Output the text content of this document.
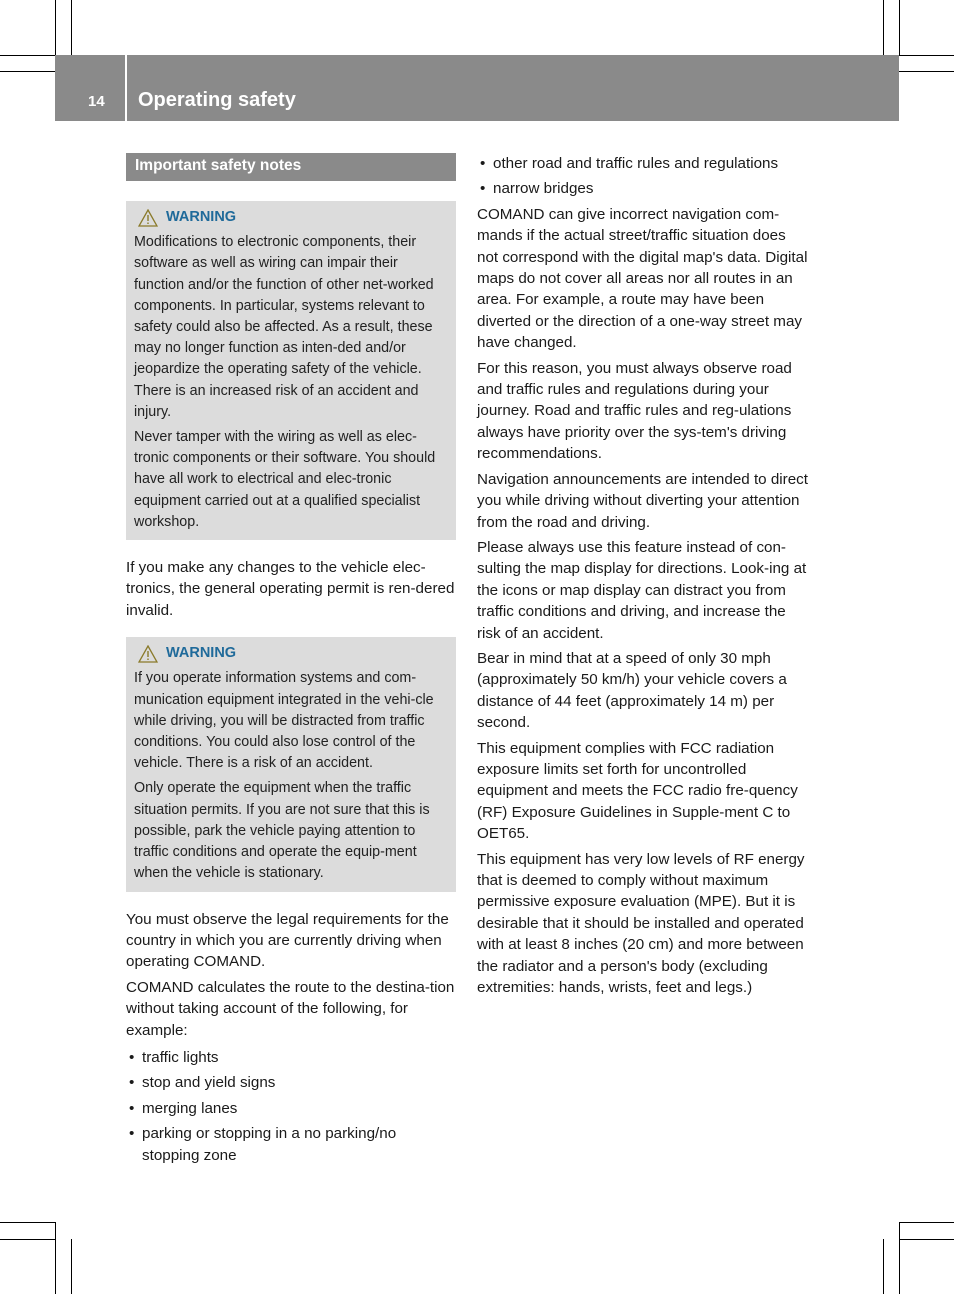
14 Operating safety
Important safety notes
WARNING

Modifications to electronic components, their software as well as wiring can impair their function and/or the function of other net-worked components. In particular, systems relevant to safety could also be affected. As a result, these may no longer function as inten-ded and/or jeopardize the operating safety of the vehicle. There is an increased risk of an accident and injury.

Never tamper with the wiring as well as elec-tronic components or their software. You should have all work to electrical and elec-tronic equipment carried out at a qualified specialist workshop.

If you make any changes to the vehicle elec-tronics, the general operating permit is ren-dered invalid.

WARNING

If you operate information systems and com-munication equipment integrated in the vehi-cle while driving, you will be distracted from traffic conditions. You could also lose control of the vehicle. There is a risk of an accident.

Only operate the equipment when the traffic situation permits. If you are not sure that this is possible, park the vehicle paying attention to traffic conditions and operate the equip-ment when the vehicle is stationary.

You must observe the legal requirements for the country in which you are currently driving when operating COMAND.

COMAND calculates the route to the destina-tion without taking account of the following, for example:

• traffic lights
• stop and yield signs
• merging lanes
• parking or stopping in a no parking/no stopping zone
• other road and traffic rules and regulations
• narrow bridges

COMAND can give incorrect navigation com-mands if the actual street/traffic situation does not correspond with the digital map's data. Digital maps do not cover all areas nor all routes in an area. For example, a route may have been diverted or the direction of a one-way street may have changed.

For this reason, you must always observe road and traffic rules and regulations during your journey. Road and traffic rules and reg-ulations always have priority over the sys-tem's driving recommendations.

Navigation announcements are intended to direct you while driving without diverting your attention from the road and driving.

Please always use this feature instead of con-sulting the map display for directions. Look-ing at the icons or map display can distract you from traffic conditions and driving, and increase the risk of an accident.

Bear in mind that at a speed of only 30 mph (approximately 50 km/h) your vehicle covers a distance of 44 feet (approximately 14 m) per second.

This equipment complies with FCC radiation exposure limits set forth for uncontrolled equipment and meets the FCC radio fre-quency (RF) Exposure Guidelines in Supple-ment C to OET65.

This equipment has very low levels of RF energy that is deemed to comply without maximum permissive exposure evaluation (MPE). But it is desirable that it should be installed and operated with at least 8 inches (20 cm) and more between the radiator and a person's body (excluding extremities: hands, wrists, feet and legs.)
